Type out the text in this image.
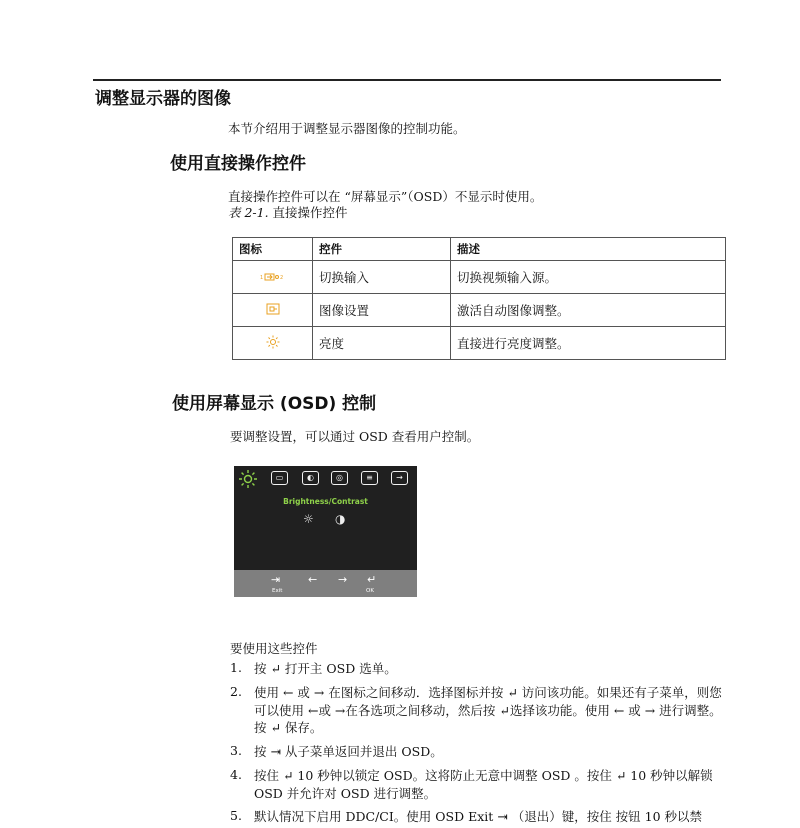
调整显示器的图像
本节介绍用于调整显示器图像的控制功能。
使用直接操作控件
直接操作控件可以在 “屏幕显示”（OSD）不显示时使用。
表 2-1. 直接操作控件
图标	控件	描述

1 2	切换输入	切换视频输入源。
	图像设置	激活自动图像调整。
	亮度	直接进行亮度调整。
使用屏幕显示 (OSD) 控制
要调整设置，可以通过 OSD 查看用户控制。
▭	◐	◎	≡	→
Brightness/Contrast
☼ ◑
⇥
Exit
← → ↵
OK
要使用这些控件
1. 按 ↵ 打开主 OSD 选单。
2. 使用 ← 或 → 在图标之间移动．选择图标并按 ↵ 访问该功能。如果还有子菜单，则您可以使用 ←或 →在各选项之间移动，然后按 ↵选择该功能。使用 ← 或 → 进行调整。按 ↵ 保存。
3. 按 ⇥ 从子菜单返回并退出 OSD。
4. 按住 ↵ 10 秒钟以锁定 OSD。这将防止无意中调整 OSD 。按住 ↵ 10 秒钟以解锁 OSD 并允许对 OSD 进行调整。
5. 默认情况下启用 DDC/CI。使用 OSD Exit ⇥ （退出）键，按住 按钮 10 秒以禁
